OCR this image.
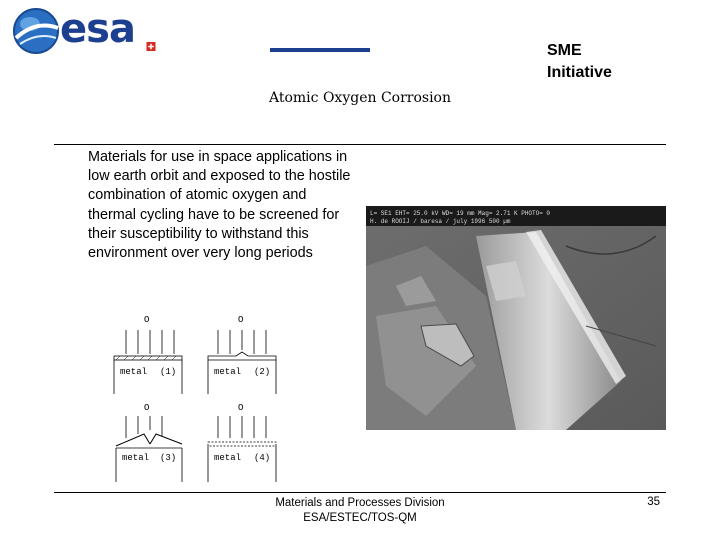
esa	SME
Initiative
Atomic Oxygen Corrosion
Materials for use in space applications in low earth orbit and exposed to the hostile combination of atomic oxygen and thermal cycling have to be screened for their susceptibility to withstand this environment over very long periods
O
metal (1)
O
metal (2)
O
metal (3)
O
metal (4)
L= SE1 EHT= 25.0 kV WD= 19 mm Mag= 2.71 K PHOTO= 0
H. de ROOIJ / baresa / july 1996 500 µm
Materials and Processes Division
ESA/ESTEC/TOS-QM
35
